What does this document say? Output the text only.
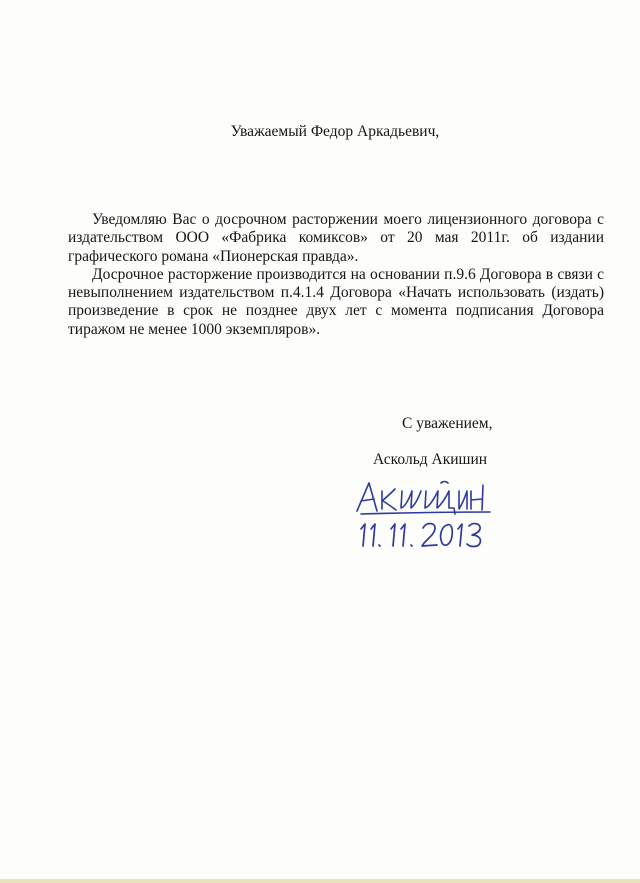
Уважаемый Федор Аркадьевич,

Уведомляю Вас о досрочном расторжении моего лицензионного договора с издательством ООО «Фабрика комиксов» от 20 мая 2011г. об издании графического романа «Пионерская правда».

Досрочное расторжение производится на основании п.9.6 Договора в связи с невыполнением издательством п.4.1.4 Договора «Начать использовать (издать) произведение в срок не позднее двух лет с момента подписания Договора тиражом не менее 1000 экземпляров».

С уважением,
Аскольд Акишин
